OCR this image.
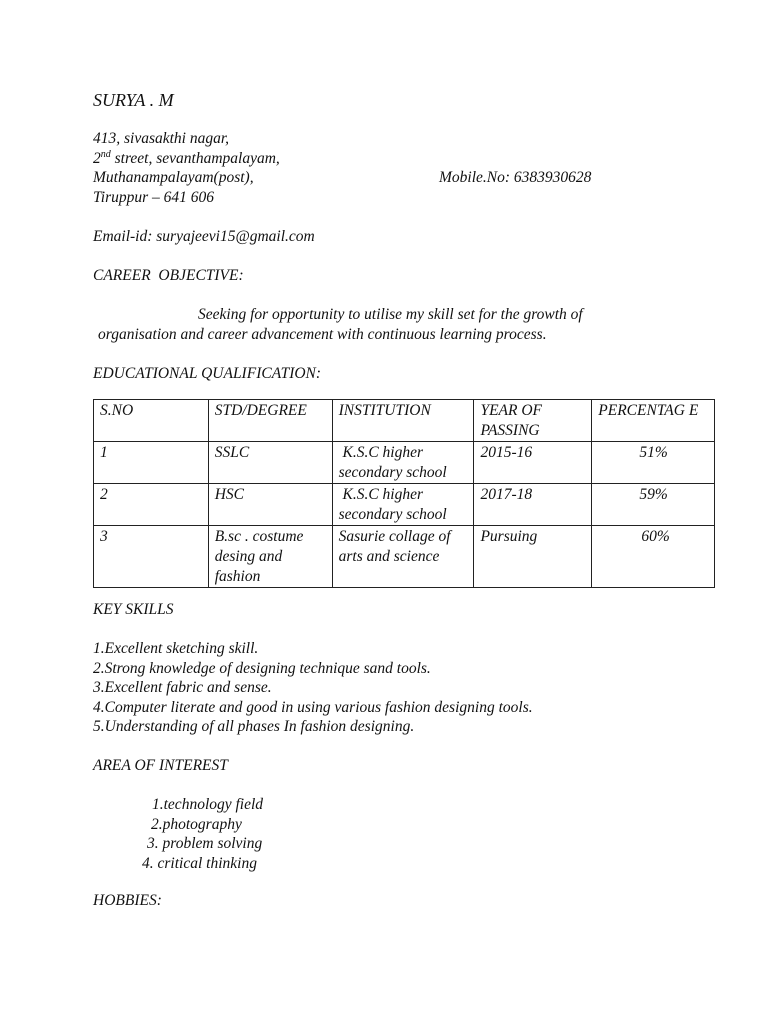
SURYA . M
413, sivasakthi nagar,
2nd street, sevanthampalayam,
Muthanampalayam(post),	Mobile.No: 6383930628
Tiruppur – 641 606
Email-id: suryajeevi15@gmail.com
CAREER  OBJECTIVE:
Seeking for opportunity to utilise my skill set for the growth of
organisation and career advancement with continuous learning process.
EDUCATIONAL QUALIFICATION:
S.NO	STD/DEGREE	INSTITUTION	YEAR OF PASSING	PERCENTAG E
1	SSLC	K.S.C higher secondary school	2015-16	51%
2	HSC	K.S.C higher secondary school	2017-18	59%
3	B.sc . costume desing and fashion	Sasurie collage of arts and science	Pursuing	60%
KEY SKILLS
1.Excellent sketching skill.
2.Strong knowledge of designing technique sand tools.
3.Excellent fabric and sense.
4.Computer literate and good in using various fashion designing tools.
5.Understanding of all phases In fashion designing.
AREA OF INTEREST
1.technology field
2.photography
3. problem solving
4. critical thinking
HOBBIES:
